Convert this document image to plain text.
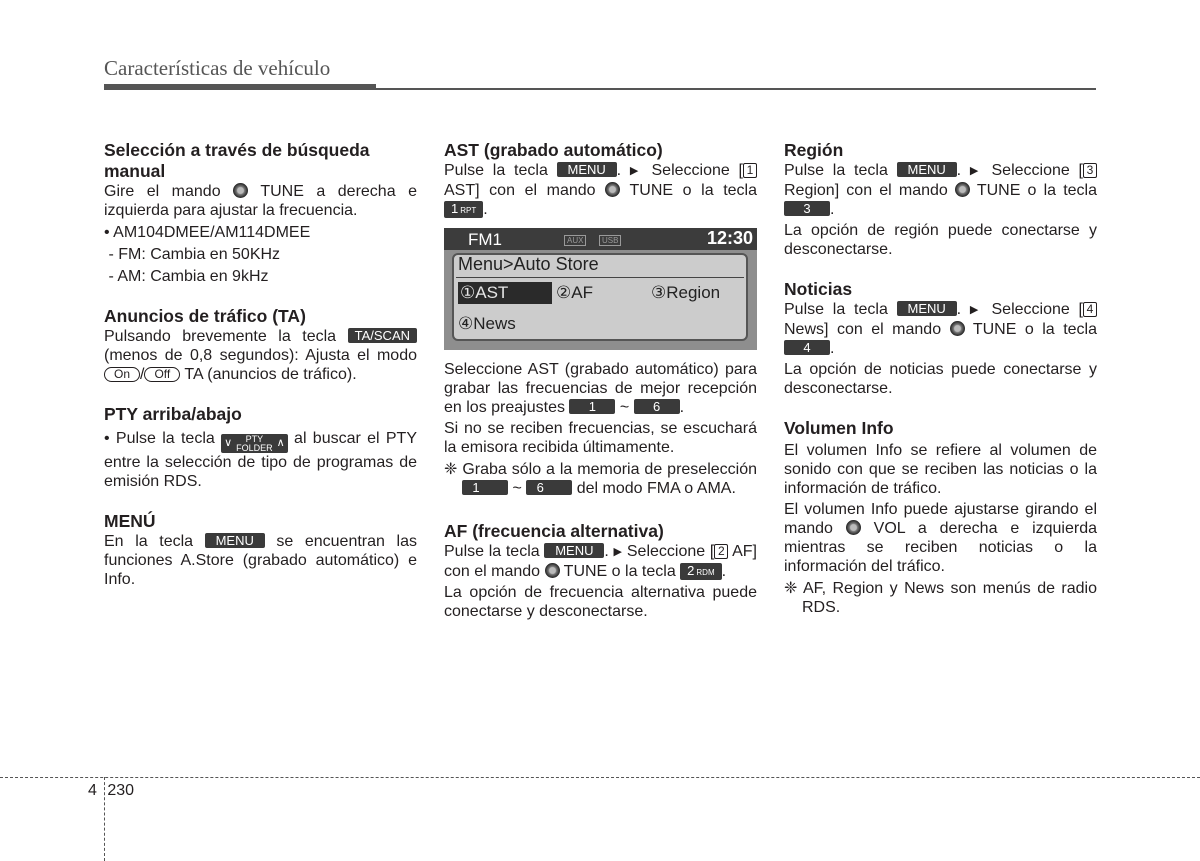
Características de vehículo
Selección a través de búsqueda manual

Gire el mando TUNE a derecha e izquierda para ajustar la frecuencia.

• AM104DMEE/AM114DMEE

- FM: Cambia en 50KHz

- AM: Cambia en 9kHz

Anuncios de tráfico (TA)

Pulsando brevemente la tecla TA/SCAN (menos de 0,8 segundos): Ajusta el modo On / Off TA (anuncios de tráfico).

PTY arriba/abajo

• Pulse la tecla ∨	PTY
FOLDER ∧ al buscar el PTY entre la selección de tipo de programas de emisión RDS.

MENÚ

En la tecla MENU se encuentran las funciones A.Store (grabado automático) e Info.

AST (grabado automático)

Pulse la tecla MENU . ▶ Seleccione [ 1 AST] con el mando TUNE o la tecla 1 RPT .

FM1	AUX	USB	12:30
Menu>Auto Store
①AST	②AF	③Region
④News

Seleccione AST (grabado automático) para grabar las frecuencias de mejor recepción en los preajustes 1 ~ 6 .

Si no se reciben frecuencias, se escuchará la emisora recibida últimamente.

❈ Graba sólo a la memoria de preselección 1 ~ 6 del modo FMA o AMA.

AF (frecuencia alternativa)

Pulse la tecla MENU . ▶ Seleccione [ 2 AF] con el mando TUNE o la tecla 2 RDM .

La opción de frecuencia alternativa puede conectarse y desconectarse.

Región

Pulse la tecla MENU . ▶ Seleccione [ 3 Region] con el mando TUNE o la tecla 3 .

La opción de región puede conectarse y desconectarse.

Noticias

Pulse la tecla MENU . ▶ Seleccione [ 4 News] con el mando TUNE o la tecla 4 .

La opción de noticias puede conectarse y desconectarse.

Volumen Info

El volumen Info se refiere al volumen de sonido con que se reciben las noticias o la información de tráfico.

El volumen Info puede ajustarse girando el mando	VOL a derecha e izquierda mientras se reciben noticias o la información del tráfico.

❈ AF, Region y News son menús de radio RDS.

4 230
